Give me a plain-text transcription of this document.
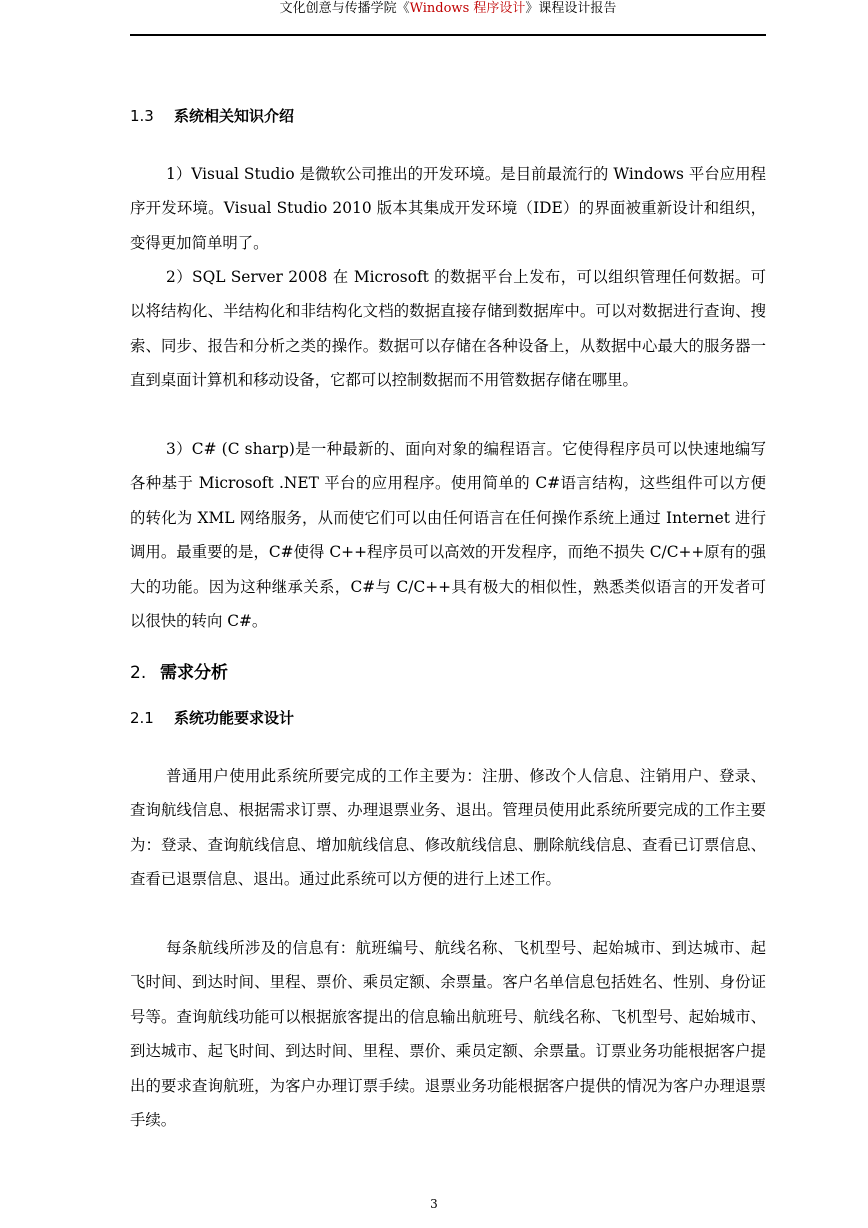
文化创意与传播学院《Windows 程序设计》课程设计报告
1.3 系统相关知识介绍

1）Visual Studio 是微软公司推出的开发环境。是目前最流行的 Windows 平台应用程序开发环境。Visual Studio 2010 版本其集成开发环境（IDE）的界面被重新设计和组织，变得更加简单明了。

2）SQL Server 2008 在 Microsoft 的数据平台上发布，可以组织管理任何数据。可以将结构化、半结构化和非结构化文档的数据直接存储到数据库中。可以对数据进行查询、搜索、同步、报告和分析之类的操作。数据可以存储在各种设备上，从数据中心最大的服务器一直到桌面计算机和移动设备，它都可以控制数据而不用管数据存储在哪里。

3）C# (C sharp)是一种最新的、面向对象的编程语言。它使得程序员可以快速地编写各种基于 Microsoft .NET 平台的应用程序。使用简单的 C#语言结构，这些组件可以方便的转化为 XML 网络服务，从而使它们可以由任何语言在任何操作系统上通过 Internet 进行调用。最重要的是，C#使得 C++程序员可以高效的开发程序，而绝不损失 C/C++原有的强大的功能。因为这种继承关系，C#与 C/C++具有极大的相似性，熟悉类似语言的开发者可以很快的转向 C#。

2. 需求分析
2.1 系统功能要求设计

普通用户使用此系统所要完成的工作主要为：注册、修改个人信息、注销用户、登录、查询航线信息、根据需求订票、办理退票业务、退出。管理员使用此系统所要完成的工作主要为：登录、查询航线信息、增加航线信息、修改航线信息、删除航线信息、查看已订票信息、查看已退票信息、退出。通过此系统可以方便的进行上述工作。

每条航线所涉及的信息有：航班编号、航线名称、飞机型号、起始城市、到达城市、起飞时间、到达时间、里程、票价、乘员定额、余票量。客户名单信息包括姓名、性别、身份证号等。查询航线功能可以根据旅客提出的信息输出航班号、航线名称、飞机型号、起始城市、到达城市、起飞时间、到达时间、里程、票价、乘员定额、余票量。订票业务功能根据客户提出的要求查询航班，为客户办理订票手续。退票业务功能根据客户提供的情况为客户办理退票手续。

3
